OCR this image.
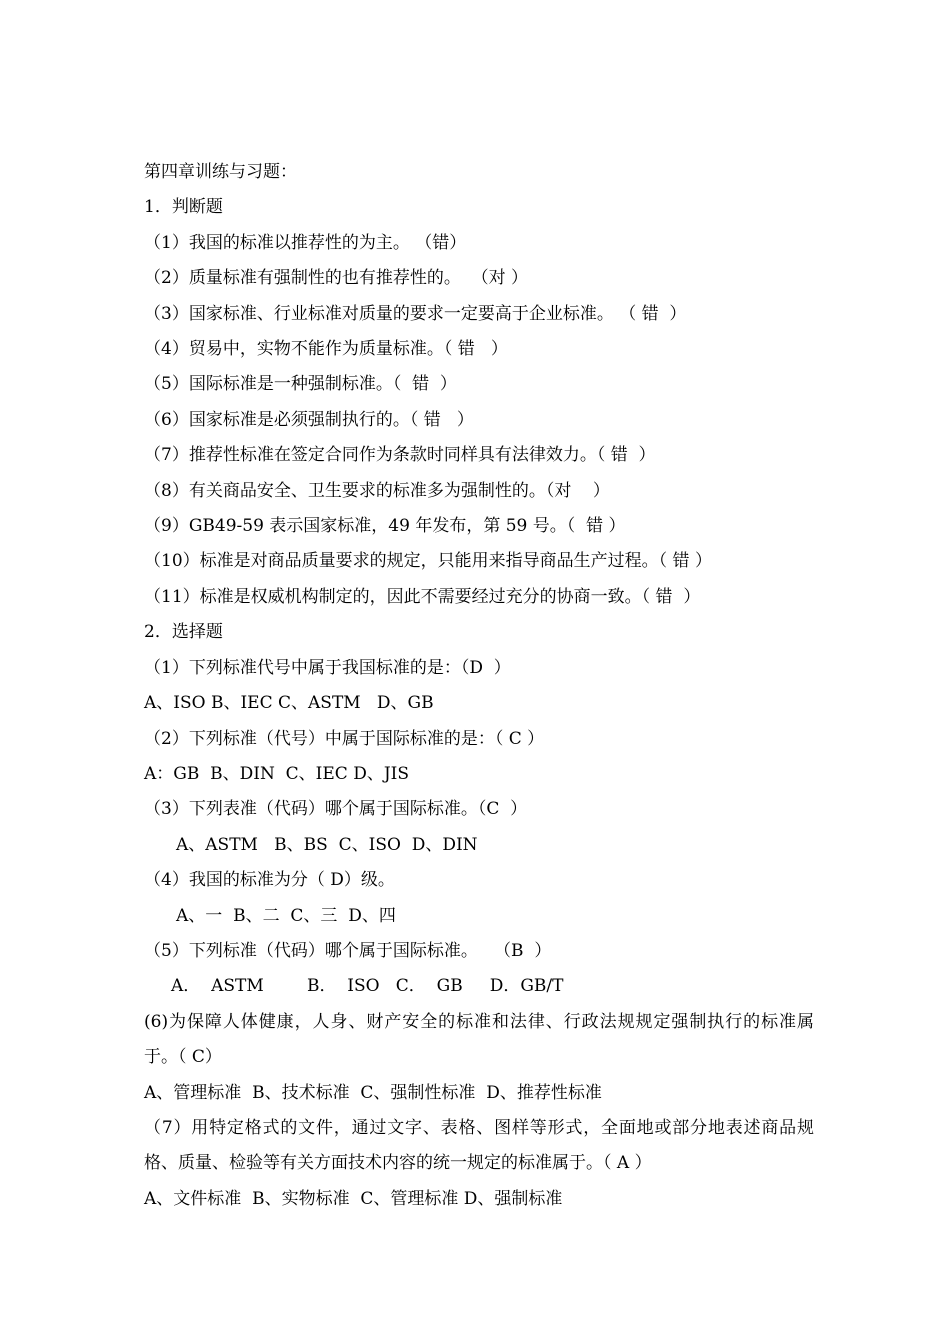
第四章训练与习题：

1．判断题

（1）我国的标准以推荐性的为主。 （错）

（2）质量标准有强制性的也有推荐性的。  （对 ）

（3）国家标准、行业标准对质量的要求一定要高于企业标准。 （ 错  ）

（4）贸易中，实物不能作为质量标准。（ 错   ）

（5）国际标准是一种强制标准。（  错  ）

（6）国家标准是必须强制执行的。（ 错   ）

（7）推荐性标准在签定合同作为条款时同样具有法律效力。（ 错  ）

（8）有关商品安全、卫生要求的标准多为强制性的。（对    ）

（9）GB49-59 表示国家标准，49 年发布，第 59 号。（  错 ）

（10）标准是对商品质量要求的规定，只能用来指导商品生产过程。（ 错 ）

（11）标准是权威机构制定的，因此不需要经过充分的协商一致。（ 错  ）

2．选择题

（1）下列标准代号中属于我国标准的是：（D  ）

A、ISO B、IEC C、ASTM   D、GB

（2）下列标准（代号）中属于国际标准的是：（ C ）

A：GB  B、DIN  C、IEC D、JIS

（3）下列表准（代码）哪个属于国际标准。（C  ）

A、ASTM   B、BS  C、ISO  D、DIN

（4）我国的标准为分（ D）级。

A、一  B、二  C、三  D、四

（5）下列标准（代码）哪个属于国际标准。   （B  ）

A．  ASTM        B．  ISO   C．  GB     D．GB/T

(6)为保障人体健康，人身、财产安全的标准和法律、行政法规规定强制执行的标准属于。（ C）

A、管理标准  B、技术标准  C、强制性标准  D、推荐性标准

（7）用特定格式的文件，通过文字、表格、图样等形式，全面地或部分地表述商品规格、质量、检验等有关方面技术内容的统一规定的标准属于。（ A ）

A、文件标准  B、实物标准  C、管理标准 D、强制标准
